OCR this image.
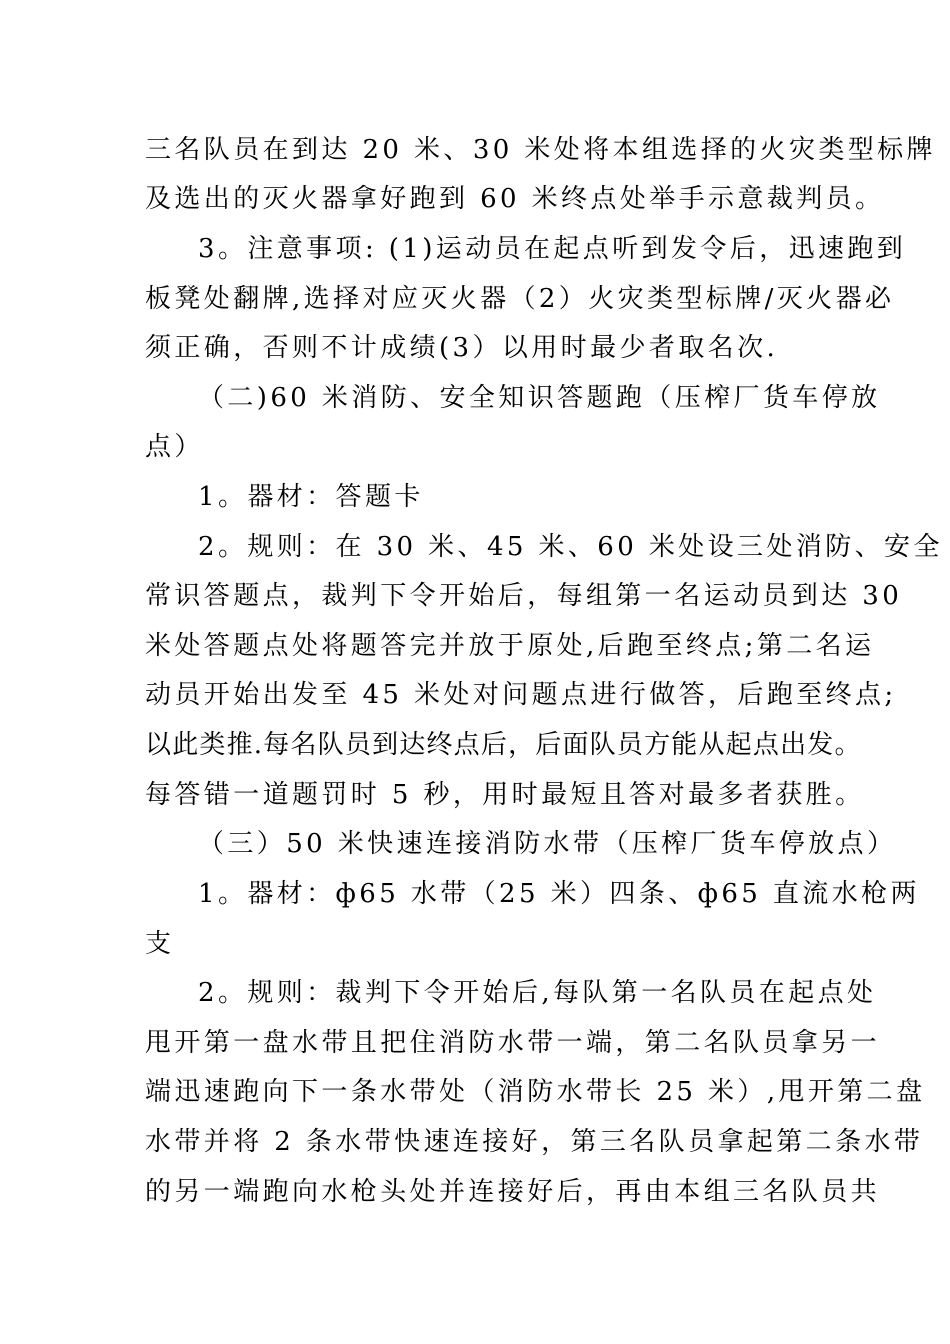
三名队员在到达 20 米、30 米处将本组选择的火灾类型标牌
及选出的灭火器拿好跑到 60 米终点处举手示意裁判员。
3。注意事项: (1)运动员在起点听到发令后，迅速跑到
板凳处翻牌,选择对应灭火器（2）火灾类型标牌/灭火器必
须正确，否则不计成绩(3）以用时最少者取名次.
（二)60 米消防、安全知识答题跑（压榨厂货车停放
点）
1。器材：答题卡
2。规则：在 30 米、45 米、60 米处设三处消防、安全
常识答题点，裁判下令开始后，每组第一名运动员到达 30
米处答题点处将题答完并放于原处,后跑至终点;第二名运
动员开始出发至 45 米处对问题点进行做答，后跑至终点;
以此类推.每名队员到达终点后，后面队员方能从起点出发。
每答错一道题罚时 5 秒，用时最短且答对最多者获胜。
（三）50 米快速连接消防水带（压榨厂货车停放点）
1。器材：ф65 水带（25 米）四条、ф65 直流水枪两
支
2。规则：裁判下令开始后,每队第一名队员在起点处
甩开第一盘水带且把住消防水带一端，第二名队员拿另一
端迅速跑向下一条水带处（消防水带长 25 米）,甩开第二盘
水带并将 2 条水带快速连接好，第三名队员拿起第二条水带
的另一端跑向水枪头处并连接好后，再由本组三名队员共
